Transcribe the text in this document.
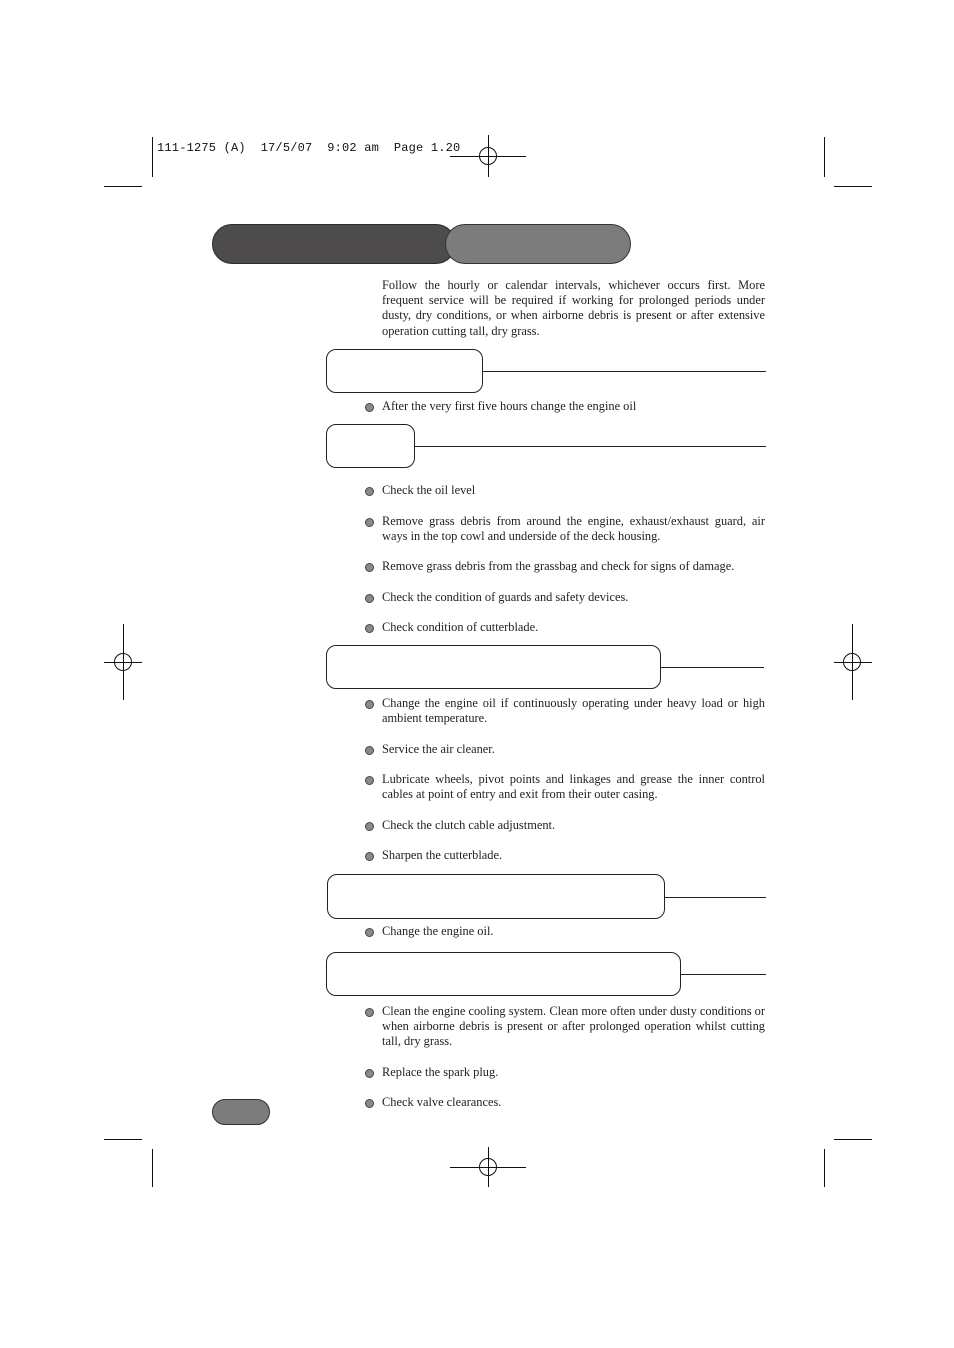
111-1275 (A)  17/5/07  9:02 am  Page 1.20
Follow the hourly or calendar intervals, whichever occurs first. More frequent service will be required if working for prolonged periods under dusty, dry conditions, or when airborne debris is present or after extensive operation cutting tall, dry grass.
After the very first five hours change the engine oil
Check the oil level
Remove grass debris from around the engine, exhaust/exhaust guard, air ways in the top cowl and underside of the deck housing.
Remove grass debris from the grassbag and check for signs of damage.
Check the condition of guards and safety devices.
Check condition of cutterblade.
Change the engine oil if continuously operating under heavy load or high ambient temperature.
Service the air cleaner.
Lubricate wheels, pivot points and linkages and grease the inner control cables at point of entry and exit from their outer casing.
Check the clutch cable adjustment.
Sharpen the cutterblade.
Change the engine oil.
Clean the engine cooling system. Clean more often under dusty conditions or when airborne debris is present or after prolonged operation whilst cutting tall, dry grass.
Replace the spark plug.
Check valve clearances.
